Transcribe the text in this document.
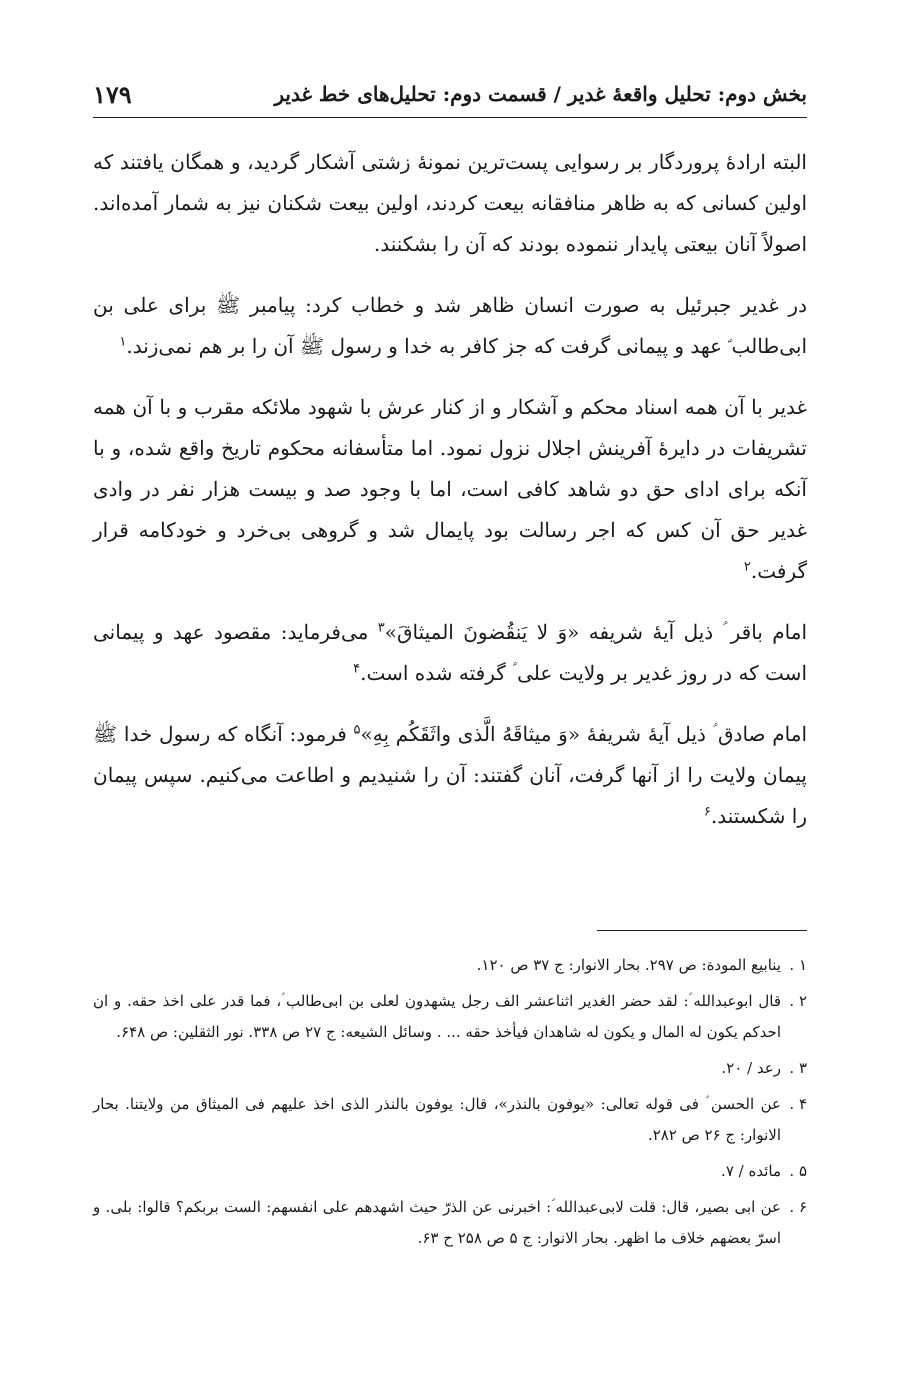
بخش دوم: تحلیل واقعهٔ غدیر / قسمت دوم: تحلیل‌های خط غدیر
۱۷۹

البته ارادهٔ پروردگار بر رسوایی پست‌ترین نمونهٔ زشتی آشکار گردید، و همگان یافتند که اولین کسانی که به ظاهر منافقانه بیعت کردند، اولین بیعت شکنان نیز به شمار آمده‌اند. اصولاً آنان بیعتی پایدار ننموده بودند که آن را بشکنند.

در غدیر جبرئیل به صورت انسان ظاهر شد و خطاب کرد: پیامبر ﷺ برای علی بن ابی‌طالب ؑ عهد و پیمانی گرفت که جز کافر به خدا و رسول ﷺ آن را بر هم نمی‌زند.$^۱$

غدیر با آن همه اسناد محکم و آشکار و از کنار عرش با شهود ملائکه مقرب و با آن همه تشریفات در دایرهٔ آفرینش اجلال نزول نمود. اما متأسفانه محکوم تاریخ واقع شده، و با آنکه برای ادای حق دو شاهد کافی است، اما با وجود صد و بیست هزار نفر در وادی غدیر حق آن کس که اجر رسالت بود پایمال شد و گروهی بی‌خرد و خودکامه قرار گرفت.$^۲$

امام باقر ؑ ذیل آیهٔ شریفه «وَ لا یَنقُضونَ المیثاقَ»$^۳$ می‌فرماید: مقصود عهد و پیمانی است که در روز غدیر بر ولایت علی ؑ گرفته شده است.$^۴$

امام صادق ؑ ذیل آیهٔ شریفهٔ «وَ میثاقَهُ الَّذی واثَقَکُم بِهِ»$^۵$ فرمود: آنگاه که رسول خدا ﷺ پیمان ولایت را از آنها گرفت، آنان گفتند: آن را شنیدیم و اطاعت می‌کنیم. سپس پیمان را شکستند.$^۶$

۱ .
ینابیع المودة: ص ۲۹۷. بحار الانوار: ج ۳۷ ص ۱۲۰.
۲ .
قال ابوعبدالله ؑ: لقد حضر الغدیر اثناعشر الف رجل یشهدون لعلی بن ابی‌طالب ؑ، فما قدر علی اخذ حقه. و ان احدکم یکون له المال و یکون له شاهدان فیأخذ حقه ... . وسائل الشیعه: ج ۲۷ ص ۳۳۸. نور الثقلین: ص ۶۴۸.
۳ .
رعد / ۲۰.
۴ .
عن الحسن ؑ فی قوله تعالی: «یوفون بالنذر»، قال: یوفون بالنذر الذی اخذ علیهم فی المیثاق من ولایتنا. بحار الانوار: ج ۲۶ ص ۲۸۲.
۵ .
مائده / ۷.
۶ .
عن ابی بصیر، قال: قلت لابی‌عبدالله ؑ: اخبرنی عن الذرّ حیث اشهدهم علی انفسهم: الست بربکم؟ قالوا: بلی. و اسرّ بعضهم خلاف ما اظهر. بحار الانوار: ج ۵ ص ۲۵۸ ح ۶۳.
